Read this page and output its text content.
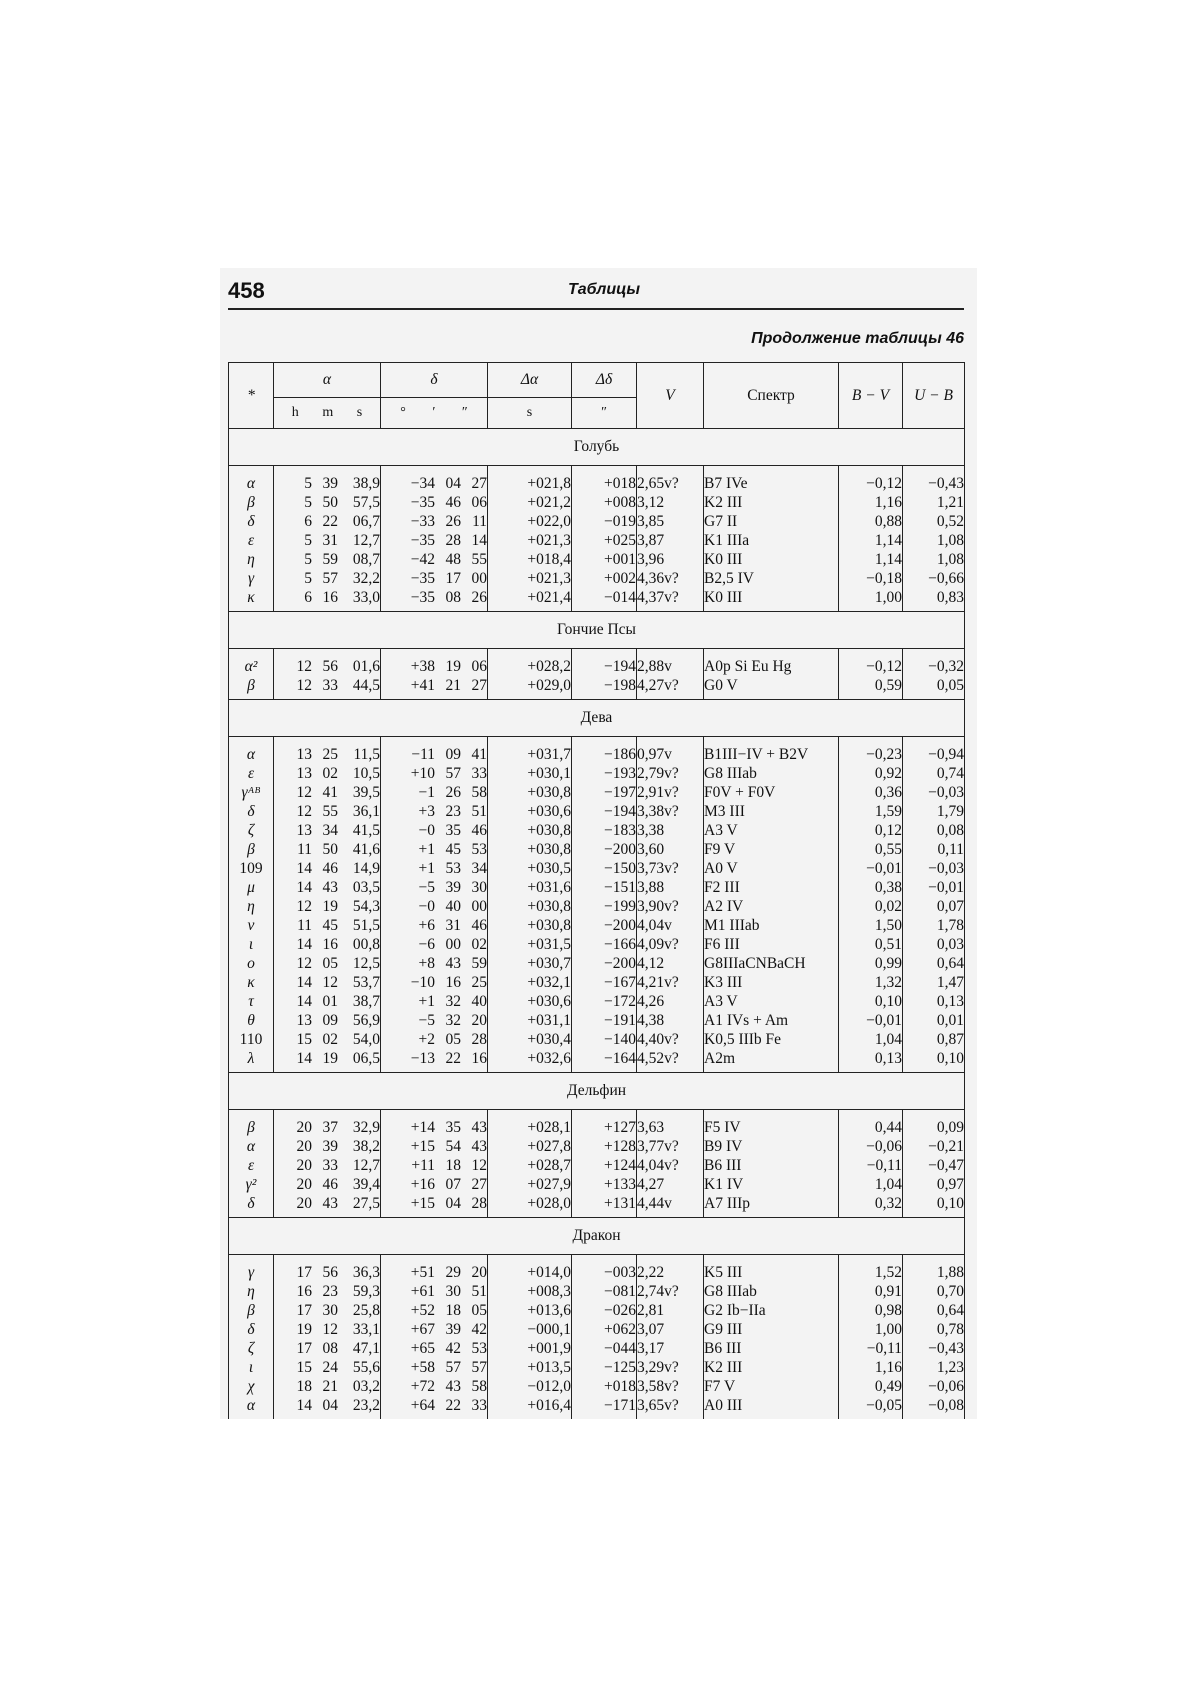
458	Таблицы
Продолжение таблицы 46
*	α	δ	Δα	Δδ	V	Спектр	B − V	U − B

	h m s	° ′ ″	s	″				
Голубь								
α	5 39 38,9	−34 04 27	+021,8	+018	2,65v?	B7 IVe	−0,12	−0,43
β	5 50 57,5	−35 46 06	+021,2	+008	3,12	K2 III	1,16	1,21
δ	6 22 06,7	−33 26 11	+022,0	−019	3,85	G7 II	0,88	0,52
ε	5 31 12,7	−35 28 14	+021,3	+025	3,87	K1 IIIa	1,14	1,08
η	5 59 08,7	−42 48 55	+018,4	+001	3,96	K0 III	1,14	1,08
γ	5 57 32,2	−35 17 00	+021,3	+002	4,36v?	B2,5 IV	−0,18	−0,66
κ	6 16 33,0	−35 08 26	+021,4	−014	4,37v?	K0 III	1,00	0,83
Гончие Псы								
α²	12 56 01,6	+38 19 06	+028,2	−194	2,88v	A0p Si Eu Hg	−0,12	−0,32
β	12 33 44,5	+41 21 27	+029,0	−198	4,27v?	G0 V	0,59	0,05
Дева								
α	13 25 11,5	−11 09 41	+031,7	−186	0,97v	B1III−IV + B2V	−0,23	−0,94
ε	13 02 10,5	+10 57 33	+030,1	−193	2,79v?	G8 IIIab	0,92	0,74
γᴬᴮ	12 41 39,5	−1 26 58	+030,8	−197	2,91v?	F0V + F0V	0,36	−0,03
δ	12 55 36,1	+3 23 51	+030,6	−194	3,38v?	M3 III	1,59	1,79
ζ	13 34 41,5	−0 35 46	+030,8	−183	3,38	A3 V	0,12	0,08
β	11 50 41,6	+1 45 53	+030,8	−200	3,60	F9 V	0,55	0,11
109	14 46 14,9	+1 53 34	+030,5	−150	3,73v?	A0 V	−0,01	−0,03
μ	14 43 03,5	−5 39 30	+031,6	−151	3,88	F2 III	0,38	−0,01
η	12 19 54,3	−0 40 00	+030,8	−199	3,90v?	A2 IV	0,02	0,07
ν	11 45 51,5	+6 31 46	+030,8	−200	4,04v	M1 IIIab	1,50	1,78
ι	14 16 00,8	−6 00 02	+031,5	−166	4,09v?	F6 III	0,51	0,03
ο	12 05 12,5	+8 43 59	+030,7	−200	4,12	G8IIIaCNBaCH	0,99	0,64
κ	14 12 53,7	−10 16 25	+032,1	−167	4,21v?	K3 III	1,32	1,47
τ	14 01 38,7	+1 32 40	+030,6	−172	4,26	A3 V	0,10	0,13
θ	13 09 56,9	−5 32 20	+031,1	−191	4,38	A1 IVs + Am	−0,01	0,01
110	15 02 54,0	+2 05 28	+030,4	−140	4,40v?	K0,5 IIIb Fe	1,04	0,87
λ	14 19 06,5	−13 22 16	+032,6	−164	4,52v?	A2m	0,13	0,10
Дельфин								
β	20 37 32,9	+14 35 43	+028,1	+127	3,63	F5 IV	0,44	0,09
α	20 39 38,2	+15 54 43	+027,8	+128	3,77v?	B9 IV	−0,06	−0,21
ε	20 33 12,7	+11 18 12	+028,7	+124	4,04v?	B6 III	−0,11	−0,47
γ²	20 46 39,4	+16 07 27	+027,9	+133	4,27	K1 IV	1,04	0,97
δ	20 43 27,5	+15 04 28	+028,0	+131	4,44v	A7 IIIp	0,32	0,10
Дракон								
γ	17 56 36,3	+51 29 20	+014,0	−003	2,22	K5 III	1,52	1,88
η	16 23 59,3	+61 30 51	+008,3	−081	2,74v?	G8 IIIab	0,91	0,70
β	17 30 25,8	+52 18 05	+013,6	−026	2,81	G2 Ib−IIa	0,98	0,64
δ	19 12 33,1	+67 39 42	−000,1	+062	3,07	G9 III	1,00	0,78
ζ	17 08 47,1	+65 42 53	+001,9	−044	3,17	B6 III	−0,11	−0,43
ι	15 24 55,6	+58 57 57	+013,5	−125	3,29v?	K2 III	1,16	1,23
χ	18 21 03,2	+72 43 58	−012,0	+018	3,58v?	F7 V	0,49	−0,06
α	14 04 23,2	+64 22 33	+016,4	−171	3,65v?	A0 III	−0,05	−0,08
